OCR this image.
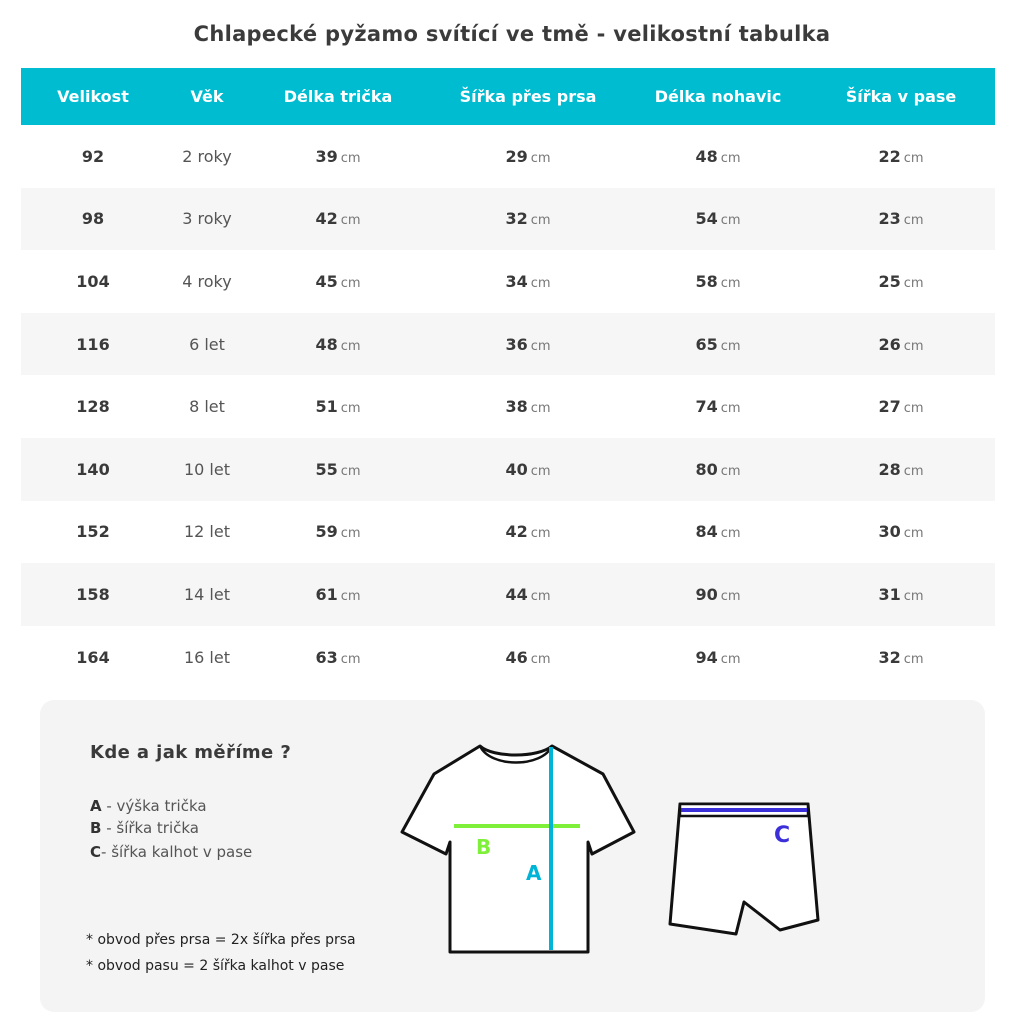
Chlapecké pyžamo svítící ve tmě - velikostní tabulka
Velikost	Věk	Délka trička	Šířka přes prsa	Délka nohavic	Šířka v pase
92	2 roky	39 cm	29 cm	48 cm	22 cm
98	3 roky	42 cm	32 cm	54 cm	23 cm
104	4 roky	45 cm	34 cm	58 cm	25 cm
116	6 let	48 cm	36 cm	65 cm	26 cm
128	8 let	51 cm	38 cm	74 cm	27 cm
140	10 let	55 cm	40 cm	80 cm	28 cm
152	12 let	59 cm	42 cm	84 cm	30 cm
158	14 let	61 cm	44 cm	90 cm	31 cm
164	16 let	63 cm	46 cm	94 cm	32 cm
Kde a jak měříme ?
A - výška trička
B - šířka trička
C- šířka kalhot v pase
* obvod přes prsa = 2x šířka přes prsa
* obvod pasu = 2 šířka kalhot v pase
B
A
C
